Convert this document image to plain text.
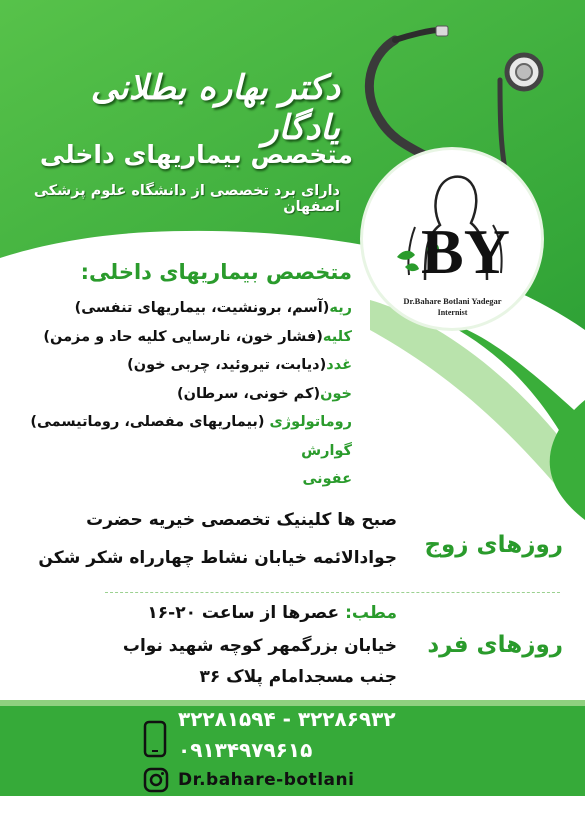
دکتر بهاره بطلانی یادگار
متخصص بیماریهای داخلی
دارای برد تخصصی از دانشگاه علوم پزشکی اصفهان
BY
Dr.Bahare Botlani Yadegar
Internist
متخصص بیماریهای داخلی:
ریه(آسم، برونشیت، بیماریهای تنفسی)
کلیه(فشار خون، نارسایی کلیه حاد و مزمن)
غدد(دیابت، تیروئید، چربی خون)
خون(کم خونی، سرطان)
روماتولوژی (بیماریهای مفصلی، روماتیسمی)
گوارش
عفونی
روزهای زوج
صبح ها کلینیک تخصصی خیریه حضرت
جوادالائمه خیابان نشاط چهارراه شکر شکن
روزهای فرد
مطب: عصرها از ساعت ۲۰-۱۶
خیابان بزرگمهر کوچه شهید نواب
جنب مسجدامام پلاک ۳۶
۳۲۲۸۱۵۹۴ - ۳۲۲۸۶۹۳۲
۰۹۱۳۴۹۷۹۶۱۵
Dr.bahare-botlani
